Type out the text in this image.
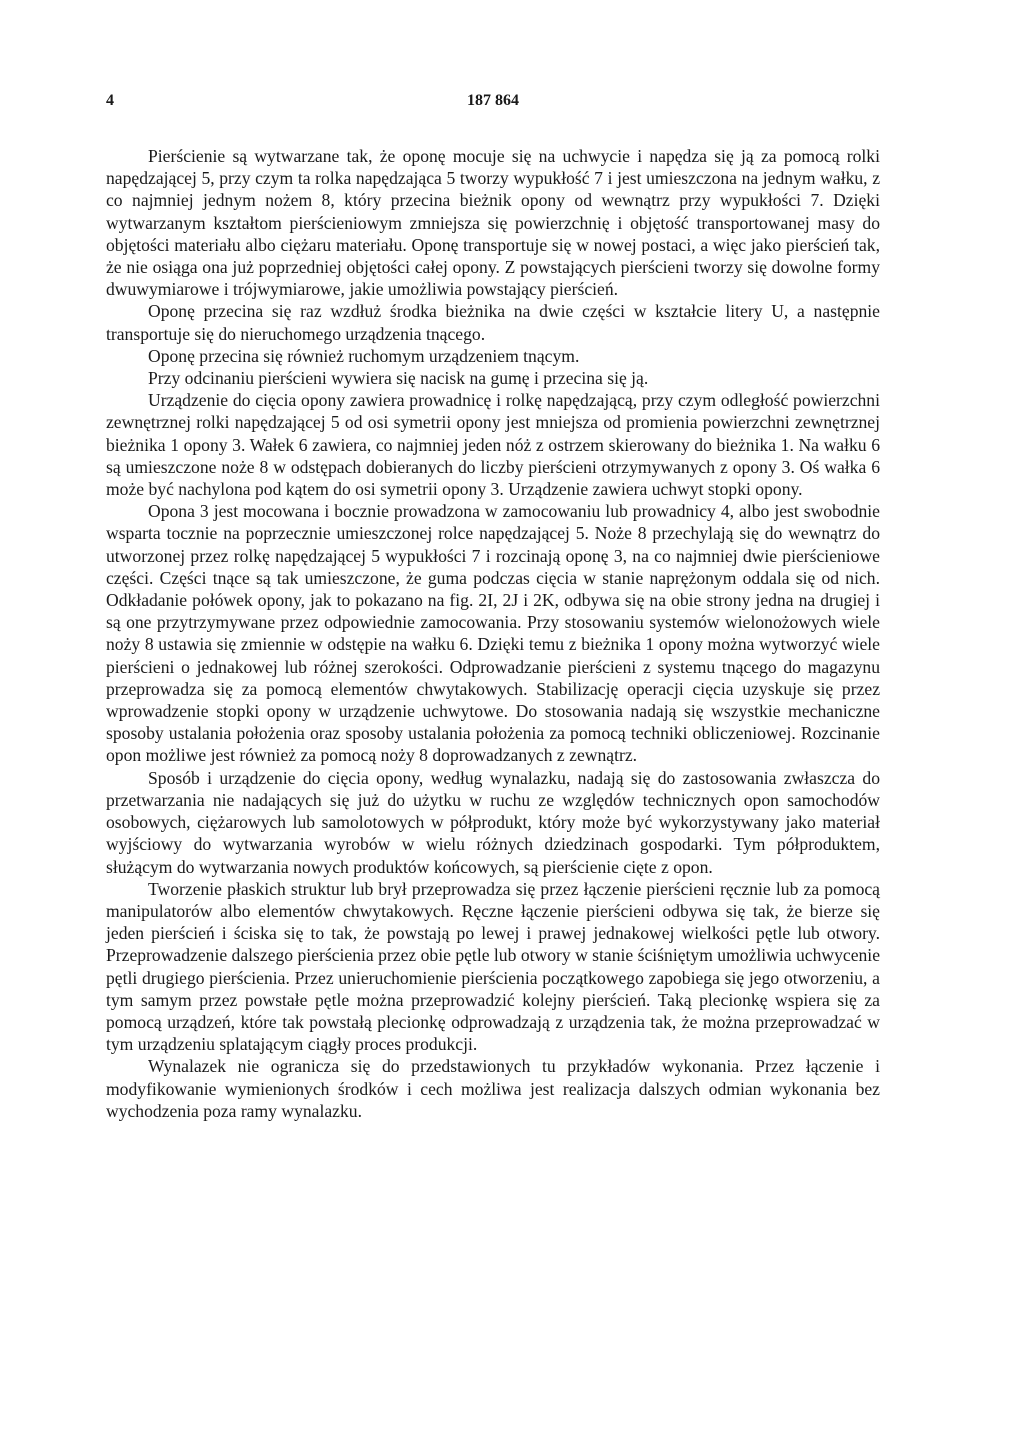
4	187 864

Pierścienie są wytwarzane tak, że oponę mocuje się na uchwycie i napędza się ją za pomocą rolki napędzającej 5, przy czym ta rolka napędzająca 5 tworzy wypukłość 7 i jest umieszczona na jednym wałku, z co najmniej jednym nożem 8, który przecina bieżnik opony od wewnątrz przy wypukłości 7. Dzięki wytwarzanym kształtom pierścieniowym zmniejsza się powierzchnię i objętość transportowanej masy do objętości materiału albo ciężaru materiału. Oponę transportuje się w nowej postaci, a więc jako pierścień tak, że nie osiąga ona już poprzedniej objętości całej opony. Z powstających pierścieni tworzy się dowolne formy dwuwymiarowe i trójwymiarowe, jakie umożliwia powstający pierścień.

Oponę przecina się raz wzdłuż środka bieżnika na dwie części w kształcie litery U, a następnie transportuje się do nieruchomego urządzenia tnącego.

Oponę przecina się również ruchomym urządzeniem tnącym.

Przy odcinaniu pierścieni wywiera się nacisk na gumę i przecina się ją.

Urządzenie do cięcia opony zawiera prowadnicę i rolkę napędzającą, przy czym odległość powierzchni zewnętrznej rolki napędzającej 5 od osi symetrii opony jest mniejsza od promienia powierzchni zewnętrznej bieżnika 1 opony 3. Wałek 6 zawiera, co najmniej jeden nóż z ostrzem skierowany do bieżnika 1. Na wałku 6 są umieszczone noże 8 w odstępach dobieranych do liczby pierścieni otrzymywanych z opony 3. Oś wałka 6 może być nachylona pod kątem do osi symetrii opony 3. Urządzenie zawiera uchwyt stopki opony.

Opona 3 jest mocowana i bocznie prowadzona w zamocowaniu lub prowadnicy 4, albo jest swobodnie wsparta tocznie na poprzecznie umieszczonej rolce napędzającej 5. Noże 8 przechylają się do wewnątrz do utworzonej przez rolkę napędzającej 5 wypukłości 7 i rozcinają oponę 3, na co najmniej dwie pierścieniowe części. Części tnące są tak umieszczone, że guma podczas cięcia w stanie naprężonym oddala się od nich. Odkładanie połówek opony, jak to pokazano na fig. 2I, 2J i 2K, odbywa się na obie strony jedna na drugiej i są one przytrzymywane przez odpowiednie zamocowania. Przy stosowaniu systemów wielonożowych wiele noży 8 ustawia się zmiennie w odstępie na wałku 6. Dzięki temu z bieżnika 1 opony można wytworzyć wiele pierścieni o jednakowej lub różnej szerokości. Odprowadzanie pierścieni z systemu tnącego do magazynu przeprowadza się za pomocą elementów chwytakowych. Stabilizację operacji cięcia uzyskuje się przez wprowadzenie stopki opony w urządzenie uchwytowe. Do stosowania nadają się wszystkie mechaniczne sposoby ustalania położenia oraz sposoby ustalania położenia za pomocą techniki obliczeniowej. Rozcinanie opon możliwe jest również za pomocą noży 8 doprowadzanych z zewnątrz.

Sposób i urządzenie do cięcia opony, według wynalazku, nadają się do zastosowania zwłaszcza do przetwarzania nie nadających się już do użytku w ruchu ze względów technicznych opon samochodów osobowych, ciężarowych lub samolotowych w półprodukt, który może być wykorzystywany jako materiał wyjściowy do wytwarzania wyrobów w wielu różnych dziedzinach gospodarki. Tym półproduktem, służącym do wytwarzania nowych produktów końcowych, są pierścienie cięte z opon.

Tworzenie płaskich struktur lub brył przeprowadza się przez łączenie pierścieni ręcznie lub za pomocą manipulatorów albo elementów chwytakowych. Ręczne łączenie pierścieni odbywa się tak, że bierze się jeden pierścień i ściska się to tak, że powstają po lewej i prawej jednakowej wielkości pętle lub otwory. Przeprowadzenie dalszego pierścienia przez obie pętle lub otwory w stanie ściśniętym umożliwia uchwycenie pętli drugiego pierścienia. Przez unieruchomienie pierścienia początkowego zapobiega się jego otworzeniu, a tym samym przez powstałe pętle można przeprowadzić kolejny pierścień. Taką plecionkę wspiera się za pomocą urządzeń, które tak powstałą plecionkę odprowadzają z urządzenia tak, że można przeprowadzać w tym urządzeniu splatającym ciągły proces produkcji.

Wynalazek nie ogranicza się do przedstawionych tu przykładów wykonania. Przez łączenie i modyfikowanie wymienionych środków i cech możliwa jest realizacja dalszych odmian wykonania bez wychodzenia poza ramy wynalazku.
